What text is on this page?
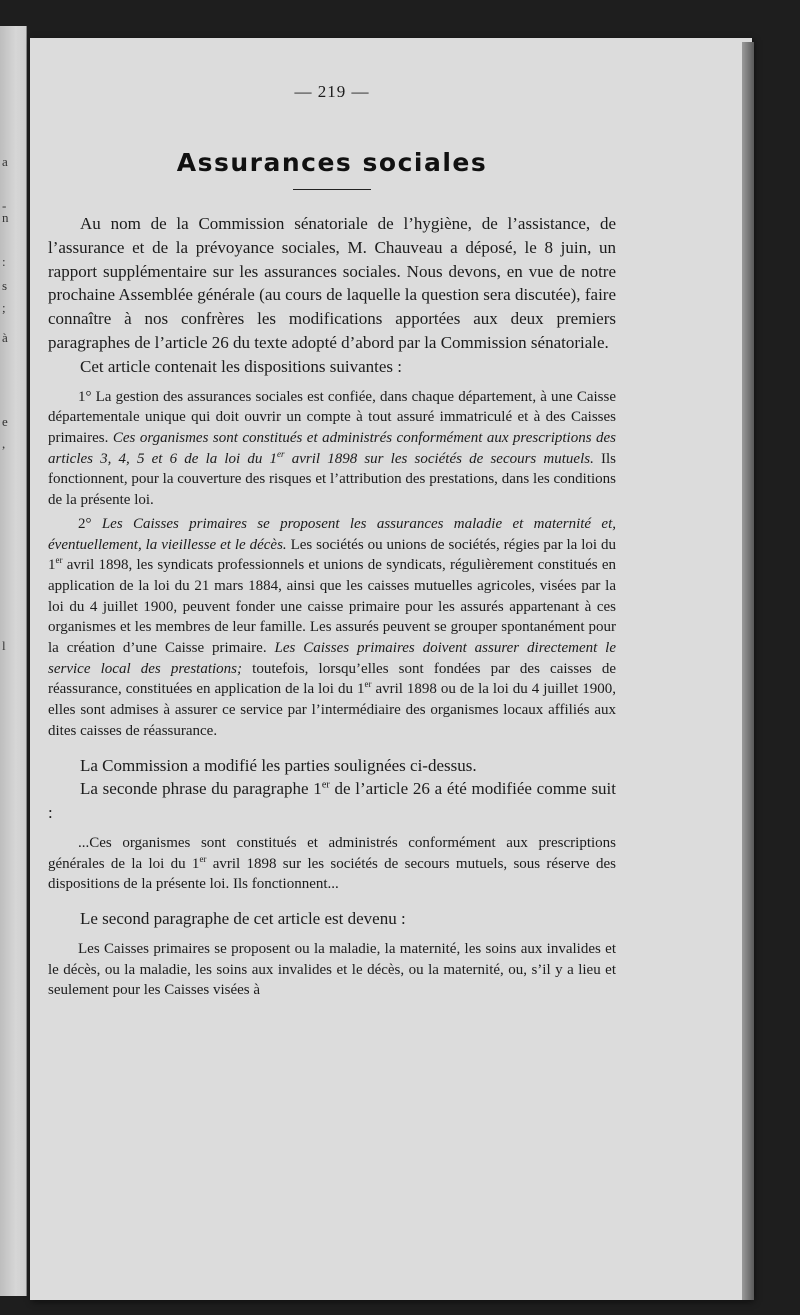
a
-
n
:
s
;
à
e
,
l
— 219 —
Assurances sociales

Au nom de la Commission sénatoriale de l’hygiène, de l’assistance, de l’assurance et de la prévoyance sociales, M. Chauveau a déposé, le 8 juin, un rapport supplémentaire sur les assurances sociales. Nous devons, en vue de notre prochaine Assemblée générale (au cours de laquelle la question sera discutée), faire connaître à nos confrères les modifications apportées aux deux premiers paragraphes de l’article 26 du texte adopté d’abord par la Commission sénatoriale.

Cet article contenait les dispositions suivantes :

1° La gestion des assurances sociales est confiée, dans chaque département, à une Caisse départementale unique qui doit ouvrir un compte à tout assuré immatriculé et à des Caisses primaires. Ces organismes sont constitués et administrés conformément aux prescriptions des articles 3, 4, 5 et 6 de la loi du 1er avril 1898 sur les sociétés de secours mutuels. Ils fonctionnent, pour la couverture des risques et l’attribution des prestations, dans les conditions de la présente loi.

2° Les Caisses primaires se proposent les assurances maladie et maternité et, éventuellement, la vieillesse et le décès. Les sociétés ou unions de sociétés, régies par la loi du 1er avril 1898, les syndicats professionnels et unions de syndicats, régulièrement constitués en application de la loi du 21 mars 1884, ainsi que les caisses mutuelles agricoles, visées par la loi du 4 juillet 1900, peuvent fonder une caisse primaire pour les assurés appartenant à ces organismes et les membres de leur famille. Les assurés peuvent se grouper spontanément pour la création d’une Caisse primaire. Les Caisses primaires doivent assurer directement le service local des prestations; toutefois, lorsqu’elles sont fondées par des caisses de réassurance, constituées en application de la loi du 1er avril 1898 ou de la loi du 4 juillet 1900, elles sont admises à assurer ce service par l’intermédiaire des organismes locaux affiliés aux dites caisses de réassurance.

La Commission a modifié les parties soulignées ci-dessus.

La seconde phrase du paragraphe 1er de l’article 26 a été modifiée comme suit :

...Ces organismes sont constitués et administrés conformément aux prescriptions générales de la loi du 1er avril 1898 sur les sociétés de secours mutuels, sous réserve des dispositions de la présente loi. Ils fonctionnent...

Le second paragraphe de cet article est devenu :

Les Caisses primaires se proposent ou la maladie, la maternité, les soins aux invalides et le décès, ou la maladie, les soins aux invalides et le décès, ou la maternité, ou, s’il y a lieu et seulement pour les Caisses visées à
